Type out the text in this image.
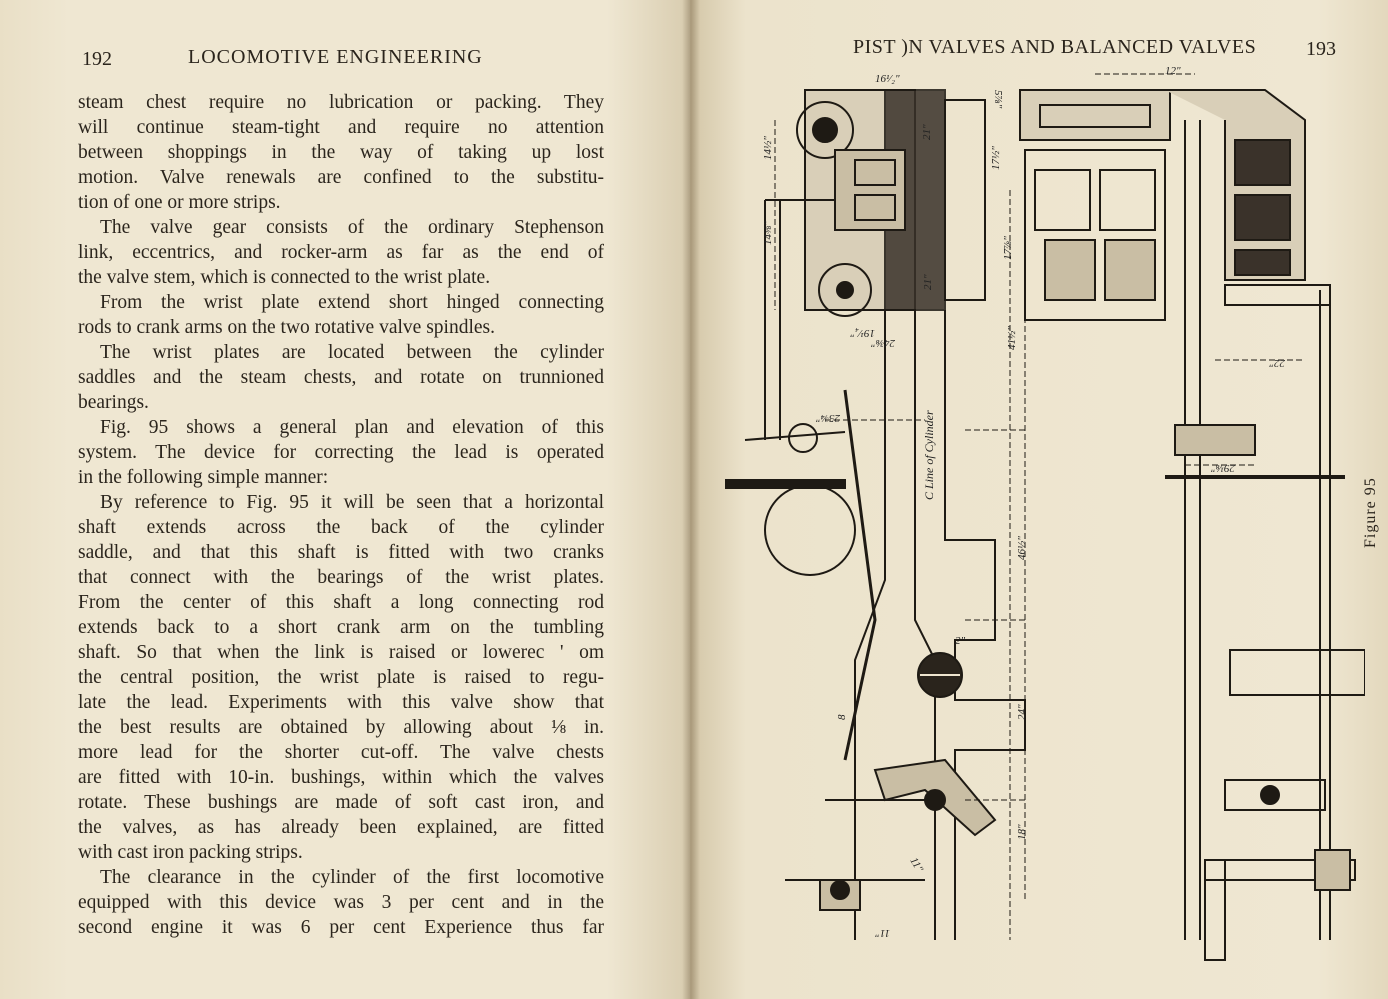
192	LOCOMOTIVE ENGINEERING
steam chest require no lubrication or packing. They
will continue steam-tight and require no attention
between shoppings in the way of taking up lost
motion. Valve renewals are confined to the substitu-
tion of one or more strips.
The valve gear consists of the ordinary Stephenson
link, eccentrics, and rocker-arm as far as the end of
the valve stem, which is connected to the wrist plate.
From the wrist plate extend short hinged connecting
rods to crank arms on the two rotative valve spindles.
The wrist plates are located between the cylinder
saddles and the steam chests, and rotate on trunnioned
bearings.
Fig. 95 shows a general plan and elevation of this
system. The device for correcting the lead is operated
in the following simple manner:
By reference to Fig. 95 it will be seen that a horizontal
shaft extends across the back of the cylinder
saddle, and that this shaft is fitted with two cranks
that connect with the bearings of the wrist plates.
From the center of this shaft a long connecting rod
extends back to a short crank arm on the tumbling
shaft. So that when the link is raised or lowerec ' om
the central position, the wrist plate is raised to regu-
late the lead. Experiments with this valve show that
the best results are obtained by allowing about ⅛ in.
more lead for the shorter cut-off. The valve chests
are fitted with 10-in. bushings, within which the valves
rotate. These bushings are made of soft cast iron, and
the valves, as has already been explained, are fitted
with cast iron packing strips.
The clearance in the cylinder of the first locomotive
equipped with this device was 3 per cent and in the
second engine it was 6 per cent Experience thus far
PIST )N VALVES AND BALANCED VALVES 193
16¹⁄₂"
12"
14½"
14⅜"
21"
17½"
17⅞"
21"
19¹⁄₄"
24⅜"	41½"
22"
25¾"
29⅛"
46½"
2"
24"
18"
11"
8
11"
5⅞"
C Line of Cylinder
Figure 95
